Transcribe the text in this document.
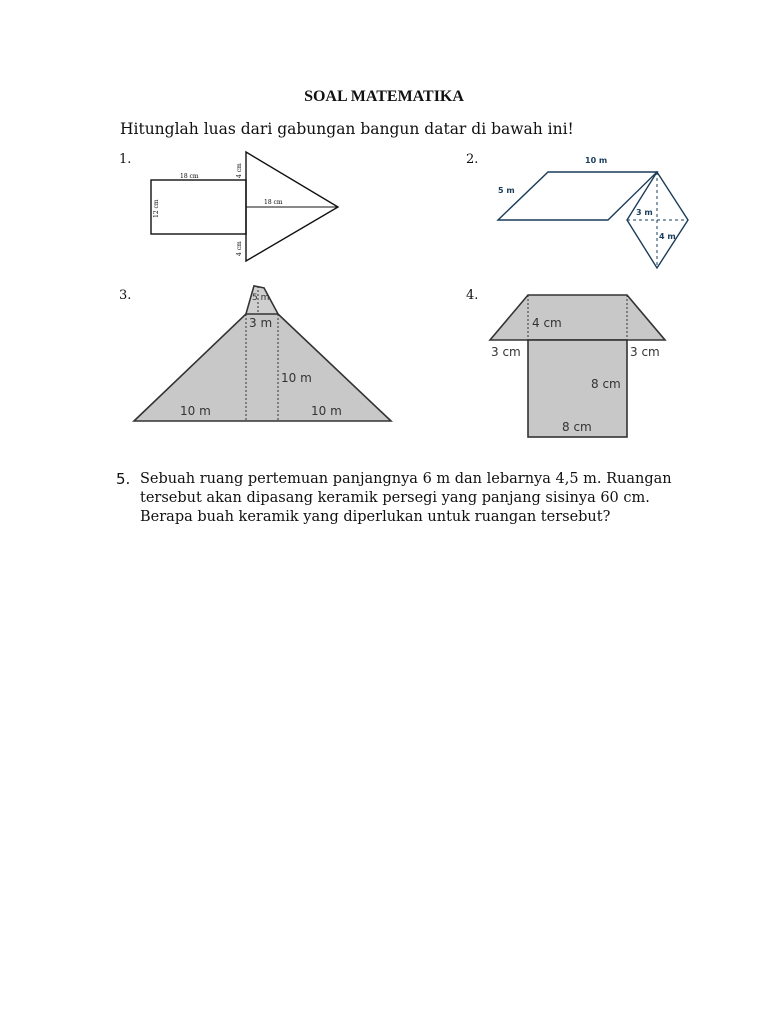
SOAL MATEMATIKA
Hitunglah luas dari gabungan bangun datar di bawah ini!
1.
18 cm
18 cm
4 cm
12 cm
4 cm
2.	10 m
5 m
3 m
4 m
3.	5 m
3 m
10 m
10 m	10 m
4.
4 cm
3 cm	3 cm
8 cm
8 cm
5. Sebuah ruang pertemuan panjangnya 6 m dan lebarnya 4,5 m. Ruangan tersebut akan dipasang keramik persegi yang panjang sisinya 60 cm. Berapa buah keramik yang diperlukan untuk ruangan tersebut?
